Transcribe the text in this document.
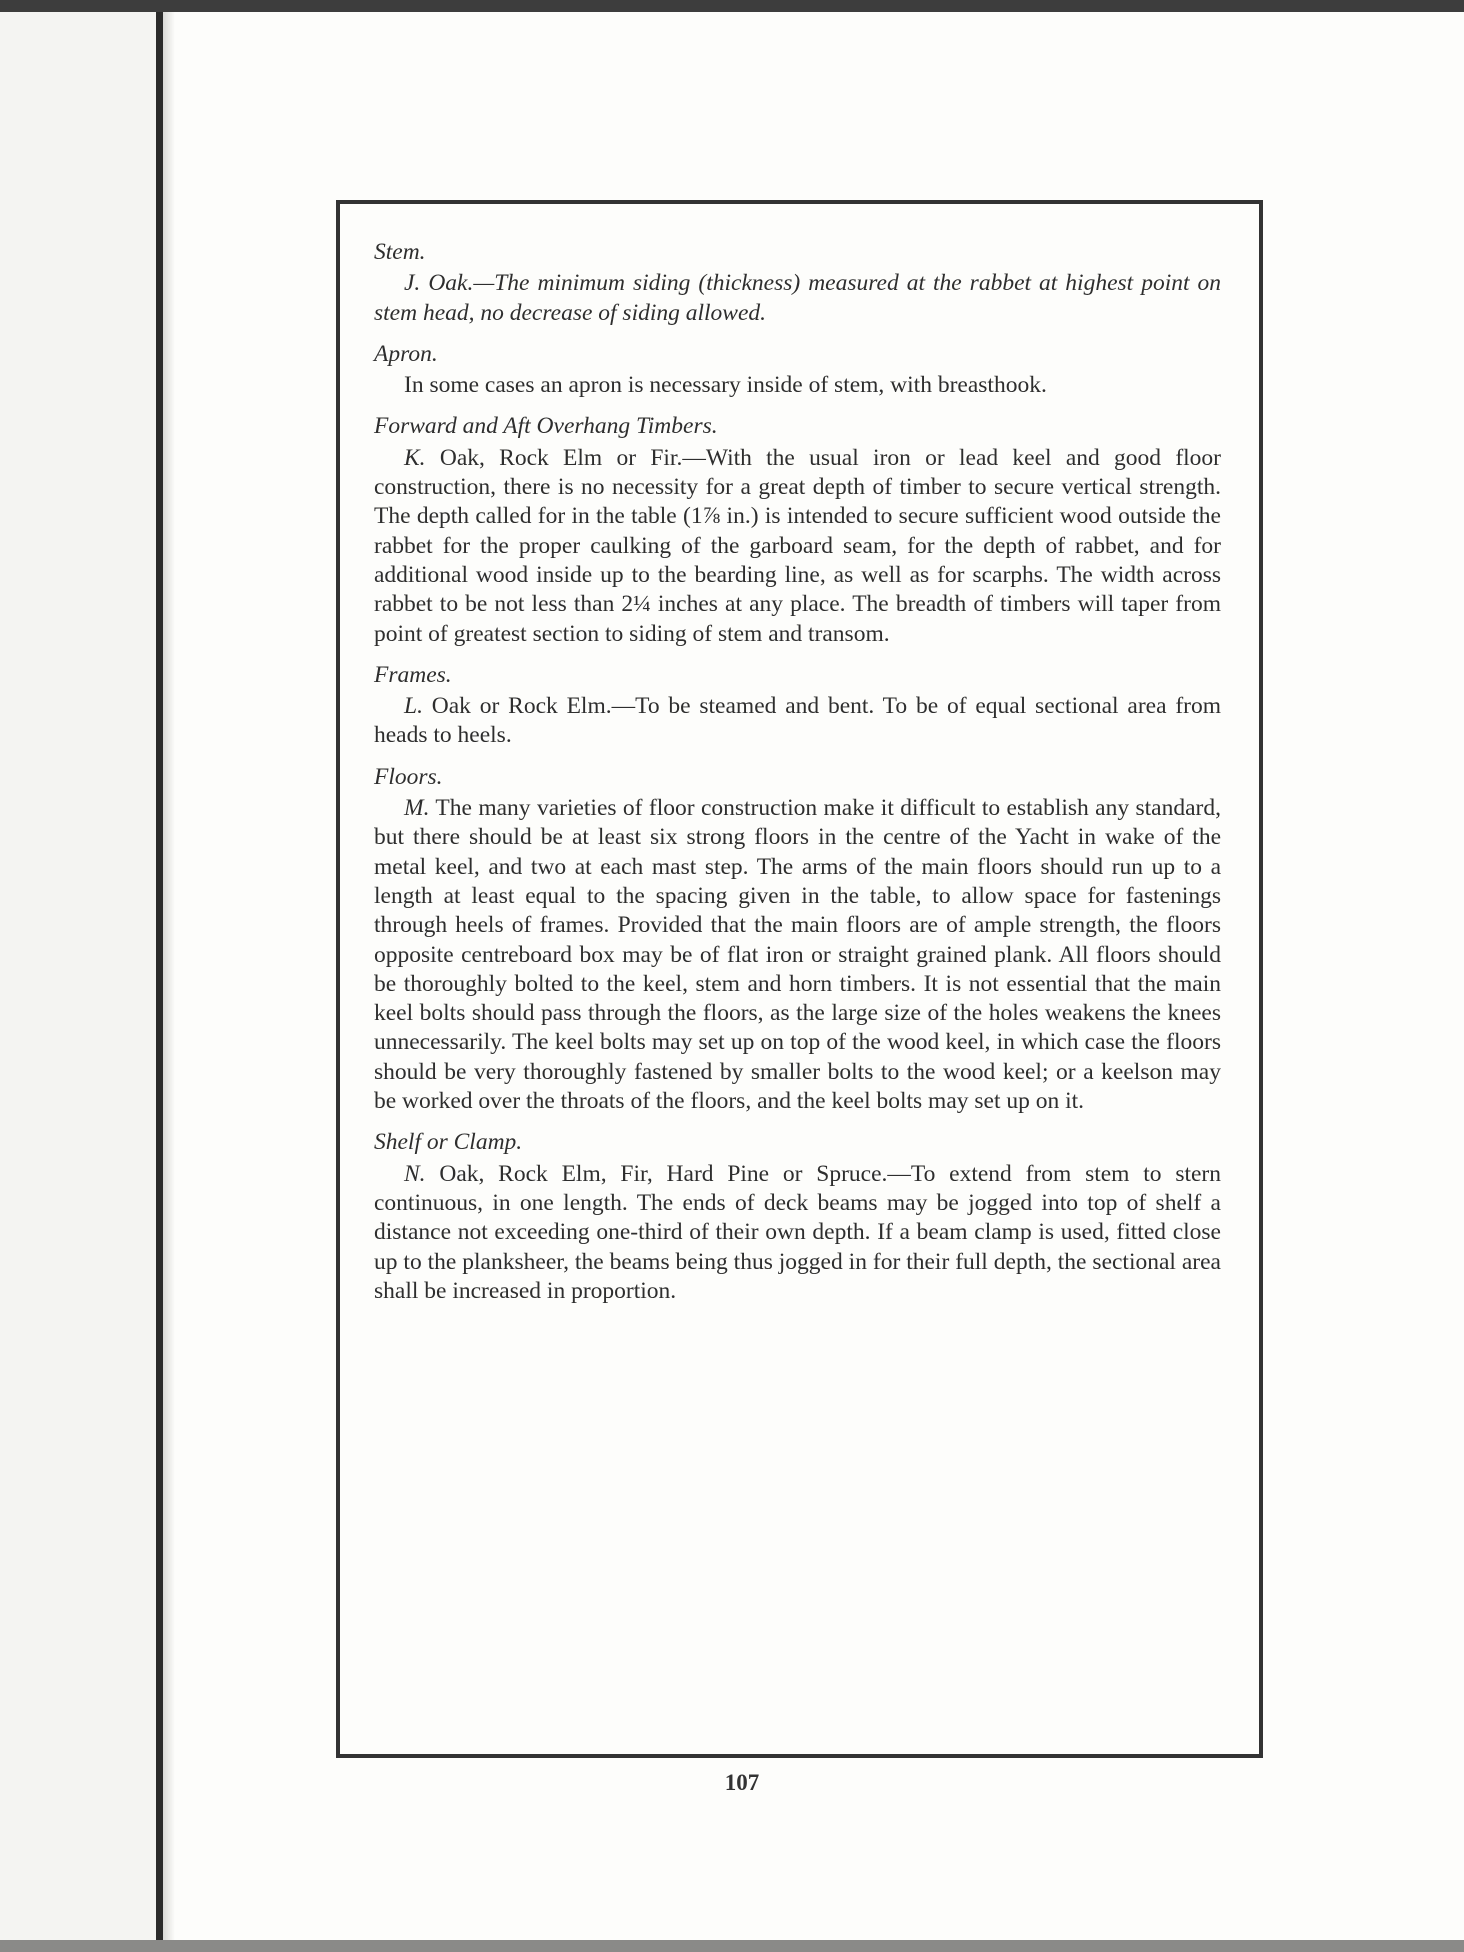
Stem.

J. Oak.—The minimum siding (thickness) measured at the rabbet at highest point on stem head, no decrease of siding allowed.

Apron.

In some cases an apron is necessary inside of stem, with breasthook.

Forward and Aft Overhang Timbers.

K. Oak, Rock Elm or Fir.—With the usual iron or lead keel and good floor construction, there is no necessity for a great depth of timber to secure vertical strength. The depth called for in the table (1⅞ in.) is intended to secure sufficient wood outside the rabbet for the proper caulking of the garboard seam, for the depth of rabbet, and for additional wood inside up to the bearding line, as well as for scarphs. The width across rabbet to be not less than 2¼ inches at any place. The breadth of timbers will taper from point of greatest section to siding of stem and transom.

Frames.

L. Oak or Rock Elm.—To be steamed and bent. To be of equal sectional area from heads to heels.

Floors.

M. The many varieties of floor construction make it difficult to establish any standard, but there should be at least six strong floors in the centre of the Yacht in wake of the metal keel, and two at each mast step. The arms of the main floors should run up to a length at least equal to the spacing given in the table, to allow space for fastenings through heels of frames. Provided that the main floors are of ample strength, the floors opposite centreboard box may be of flat iron or straight grained plank. All floors should be thoroughly bolted to the keel, stem and horn timbers. It is not essential that the main keel bolts should pass through the floors, as the large size of the holes weakens the knees unnecessarily. The keel bolts may set up on top of the wood keel, in which case the floors should be very thoroughly fastened by smaller bolts to the wood keel; or a keelson may be worked over the throats of the floors, and the keel bolts may set up on it.

Shelf or Clamp.

N. Oak, Rock Elm, Fir, Hard Pine or Spruce.—To extend from stem to stern continuous, in one length. The ends of deck beams may be jogged into top of shelf a distance not exceeding one-third of their own depth. If a beam clamp is used, fitted close up to the planksheer, the beams being thus jogged in for their full depth, the sectional area shall be increased in proportion.

107
